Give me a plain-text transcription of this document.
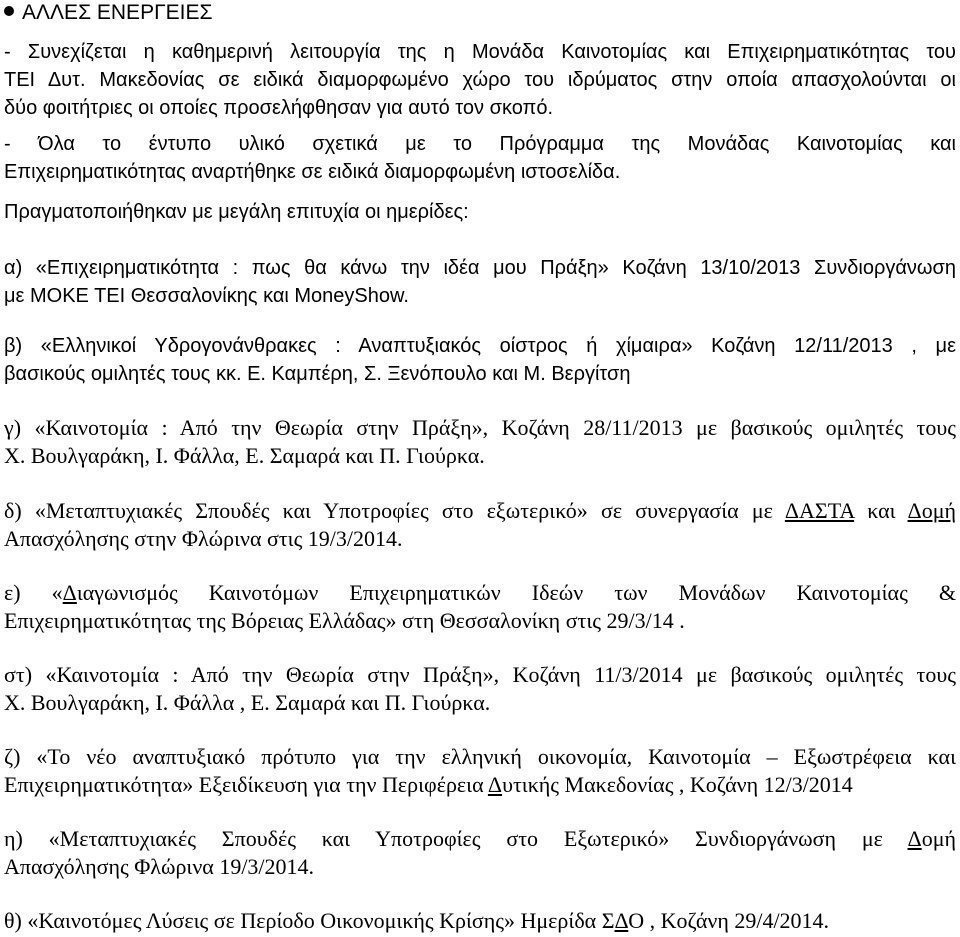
ΑΛΛΕΣ ΕΝΕΡΓΕΙΕΣ
- Συνεχίζεται η καθημερινή λειτουργία της η Μονάδα Καινοτομίας και Επιχειρηματικότητας του
ΤΕΙ Δυτ. Μακεδονίας σε ειδικά διαμορφωμένο χώρο του ιδρύματος στην οποία απασχολούνται οι
δύο φοιτήτριες οι οποίες προσελήφθησαν για αυτό τον σκοπό.
- Όλα το έντυπο υλικό σχετικά με το Πρόγραμμα της Μονάδας Καινοτομίας και
Επιχειρηματικότητας αναρτήθηκε σε ειδικά διαμορφωμένη ιστοσελίδα.
Πραγματοποιήθηκαν με μεγάλη επιτυχία οι ημερίδες:
α) «Επιχειρηματικότητα : πως θα κάνω την ιδέα μου Πράξη» Κοζάνη 13/10/2013 Συνδιοργάνωση
με ΜΟΚΕ ΤΕΙ Θεσσαλονίκης και MoneyShow.
β) «Ελληνικοί Υδρογονάνθρακες : Αναπτυξιακός οίστρος ή χίμαιρα» Κοζάνη 12/11/2013 , με
βασικούς ομιλητές τους κκ. Ε. Καμπέρη, Σ. Ξενόπουλο και Μ. Βεργίτση
γ) «Καινοτομία : Από την Θεωρία στην Πράξη», Κοζάνη 28/11/2013 με βασικούς ομιλητές τους
Χ. Βουλγαράκη, Ι. Φάλλα, Ε. Σαμαρά και Π. Γιούρκα.
δ) «Μεταπτυχιακές Σπουδές και Υποτροφίες στο εξωτερικό» σε συνεργασία με ΔΑΣΤΑ και Δομή
Απασχόλησης στην Φλώρινα στις 19/3/2014.
ε) «Διαγωνισμός Καινοτόμων Επιχειρηματικών Ιδεών των Μονάδων Καινοτομίας &
Επιχειρηματικότητας της Βόρειας Ελλάδας» στη Θεσσαλονίκη στις 29/3/14 .
στ) «Καινοτομία : Από την Θεωρία στην Πράξη», Κοζάνη 11/3/2014 με βασικούς ομιλητές τους
Χ. Βουλγαράκη, Ι. Φάλλα , Ε. Σαμαρά και Π. Γιούρκα.
ζ) «Το νέο αναπτυξιακό πρότυπο για την ελληνική οικονομία, Καινοτομία – Εξωστρέφεια και
Επιχειρηματικότητα» Εξειδίκευση για την Περιφέρεια Δυτικής Μακεδονίας , Κοζάνη 12/3/2014
η) «Μεταπτυχιακές Σπουδές και Υποτροφίες στο Εξωτερικό» Συνδιοργάνωση με Δομή
Απασχόλησης Φλώρινα 19/3/2014.
θ) «Καινοτόμες Λύσεις σε Περίοδο Οικονομικής Κρίσης» Ημερίδα ΣΔΟ , Κοζάνη 29/4/2014.
